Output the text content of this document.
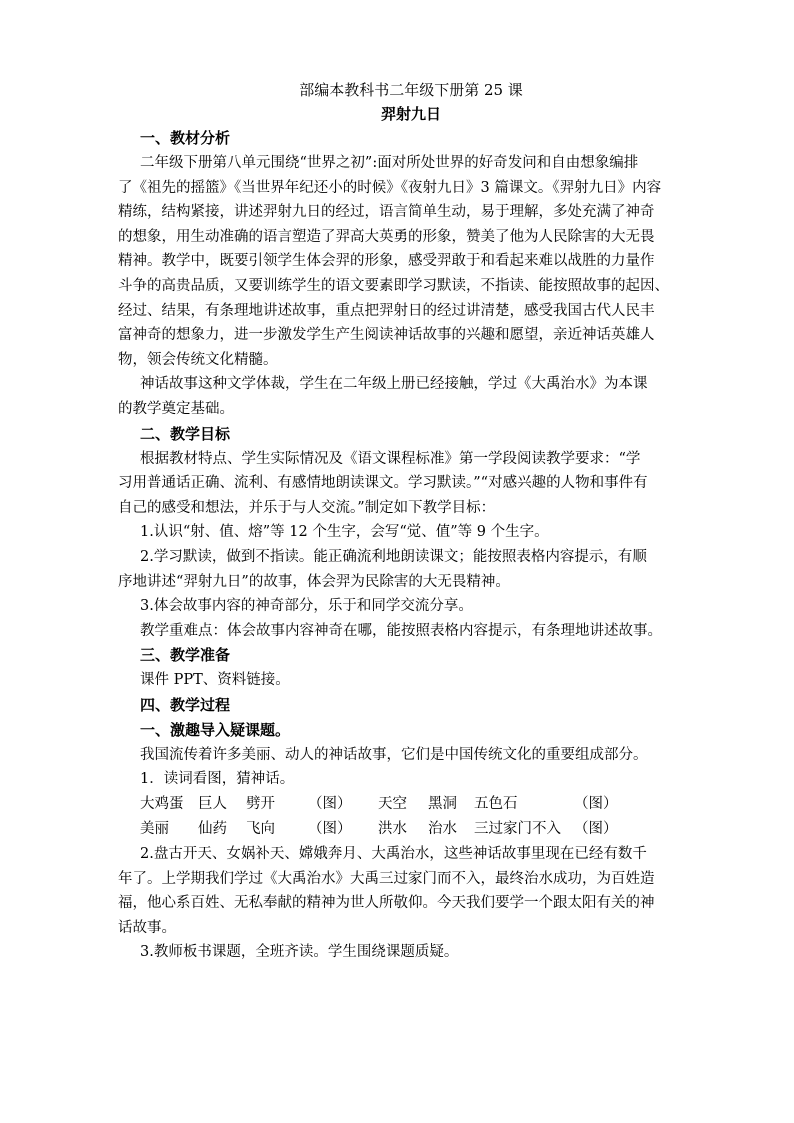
部编本教科书二年级下册第 25 课

羿射九日

一、教材分析

二年级下册第八单元围绕“世界之初”:面对所处世界的好奇发问和自由想象编排

了《祖先的摇篮》《当世界年纪还小的时候》《夜射九日》3 篇课文。《羿射九日》内容

精练，结构紧接，讲述羿射九日的经过，语言简单生动，易于理解，多处充满了神奇

的想象，用生动准确的语言塑造了羿高大英勇的形象，赞美了他为人民除害的大无畏

精神。教学中，既要引领学生体会羿的形象，感受羿敢于和看起来难以战胜的力量作

斗争的高贵品质，又要训练学生的语文要素即学习默读，不指读、能按照故事的起因、

经过、结果，有条理地讲述故事，重点把羿射日的经过讲清楚，感受我国古代人民丰

富神奇的想象力，进一步激发学生产生阅读神话故事的兴趣和愿望，亲近神话英雄人

物，领会传统文化精髓。

神话故事这种文学体裁，学生在二年级上册已经接触，学过《大禹治水》为本课

的教学奠定基础。

二、教学目标

根据教材特点、学生实际情况及《语文课程标准》第一学段阅读教学要求：“学

习用普通话正确、流利、有感情地朗读课文。学习默读。”“对感兴趣的人物和事件有

自己的感受和想法，并乐于与人交流。”制定如下教学目标：

1.认识“射、值、熔”等 12 个生字，会写“觉、值”等 9 个生字。

2.学习默读，做到不指读。能正确流利地朗读课文；能按照表格内容提示，有顺

序地讲述“羿射九日”的故事，体会羿为民除害的大无畏精神。

3.体会故事内容的神奇部分，乐于和同学交流分享。

教学重难点：体会故事内容神奇在哪，能按照表格内容提示，有条理地讲述故事。

三、教学准备

课件 PPT、资料链接。

四、教学过程

一、激趣导入疑课题。

我国流传着许多美丽、动人的神话故事，它们是中国传统文化的重要组成部分。

1．读词看图，猜神话。

大鸡蛋	巨人	劈开	（图）	天空	黑洞	五色石	（图）
美丽	仙药	飞向	（图）	洪水	治水	三过家门不入 （图）

2.盘古开天、女娲补天、嫦娥奔月、大禹治水，这些神话故事里现在已经有数千

年了。上学期我们学过《大禹治水》大禹三过家门而不入，最终治水成功，为百姓造

福，他心系百姓、无私奉献的精神为世人所敬仰。今天我们要学一个跟太阳有关的神

话故事。

3.教师板书课题，全班齐读。学生围绕课题质疑。
